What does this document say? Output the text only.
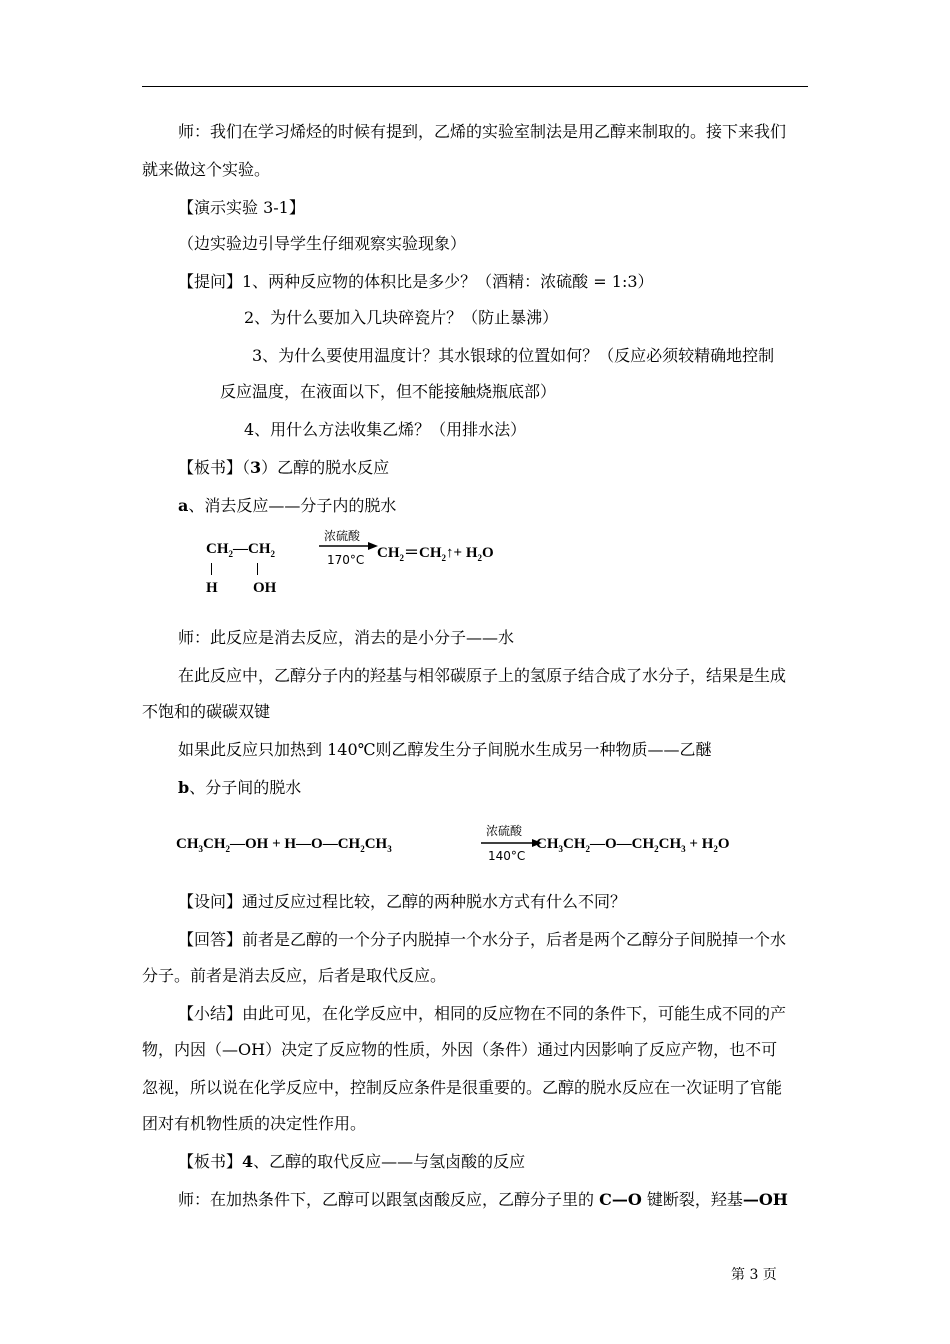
师：我们在学习烯烃的时候有提到，乙烯的实验室制法是用乙醇来制取的。接下来我们
就来做这个实验。
【演示实验 3-1】
（边实验边引导学生仔细观察实验现象）
【提问】1、两种反应物的体积比是多少？（酒精：浓硫酸 = 1:3）
2、为什么要加入几块碎瓷片？（防止暴沸）
3、为什么要使用温度计？其水银球的位置如何？（反应必须较精确地控制
反应温度，在液面以下，但不能接触烧瓶底部）
4、用什么方法收集乙烯？（用排水法）
【板书】（3）乙醇的脱水反应
a、消去反应——分子内的脱水
$CH_2—CH_2$
H OH
浓硫酸
170°C $CH_2=CH_2↑+ H_2O$
师：此反应是消去反应，消去的是小分子——水
在此反应中，乙醇分子内的羟基与相邻碳原子上的氢原子结合成了水分子，结果是生成
不饱和的碳碳双键
如果此反应只加热到 140℃则乙醇发生分子间脱水生成另一种物质——乙醚
b、分子间的脱水
$CH_3CH_2—OH$ + $H—O—CH_2CH_3$
浓硫酸
140°C
$CH_3CH_2—O—CH_2CH_3 + H_2O$
【设问】通过反应过程比较，乙醇的两种脱水方式有什么不同？
【回答】前者是乙醇的一个分子内脱掉一个水分子，后者是两个乙醇分子间脱掉一个水
分子。前者是消去反应，后者是取代反应。
【小结】由此可见，在化学反应中，相同的反应物在不同的条件下，可能生成不同的产
物，内因（—OH）决定了反应物的性质，外因（条件）通过内因影响了反应产物，也不可
忽视，所以说在化学反应中，控制反应条件是很重要的。乙醇的脱水反应在一次证明了官能
团对有机物性质的决定性作用。
【板书】4、乙醇的取代反应——与氢卤酸的反应
师：在加热条件下，乙醇可以跟氢卤酸反应，乙醇分子里的 C—O 键断裂，羟基—OH
第 3 页
